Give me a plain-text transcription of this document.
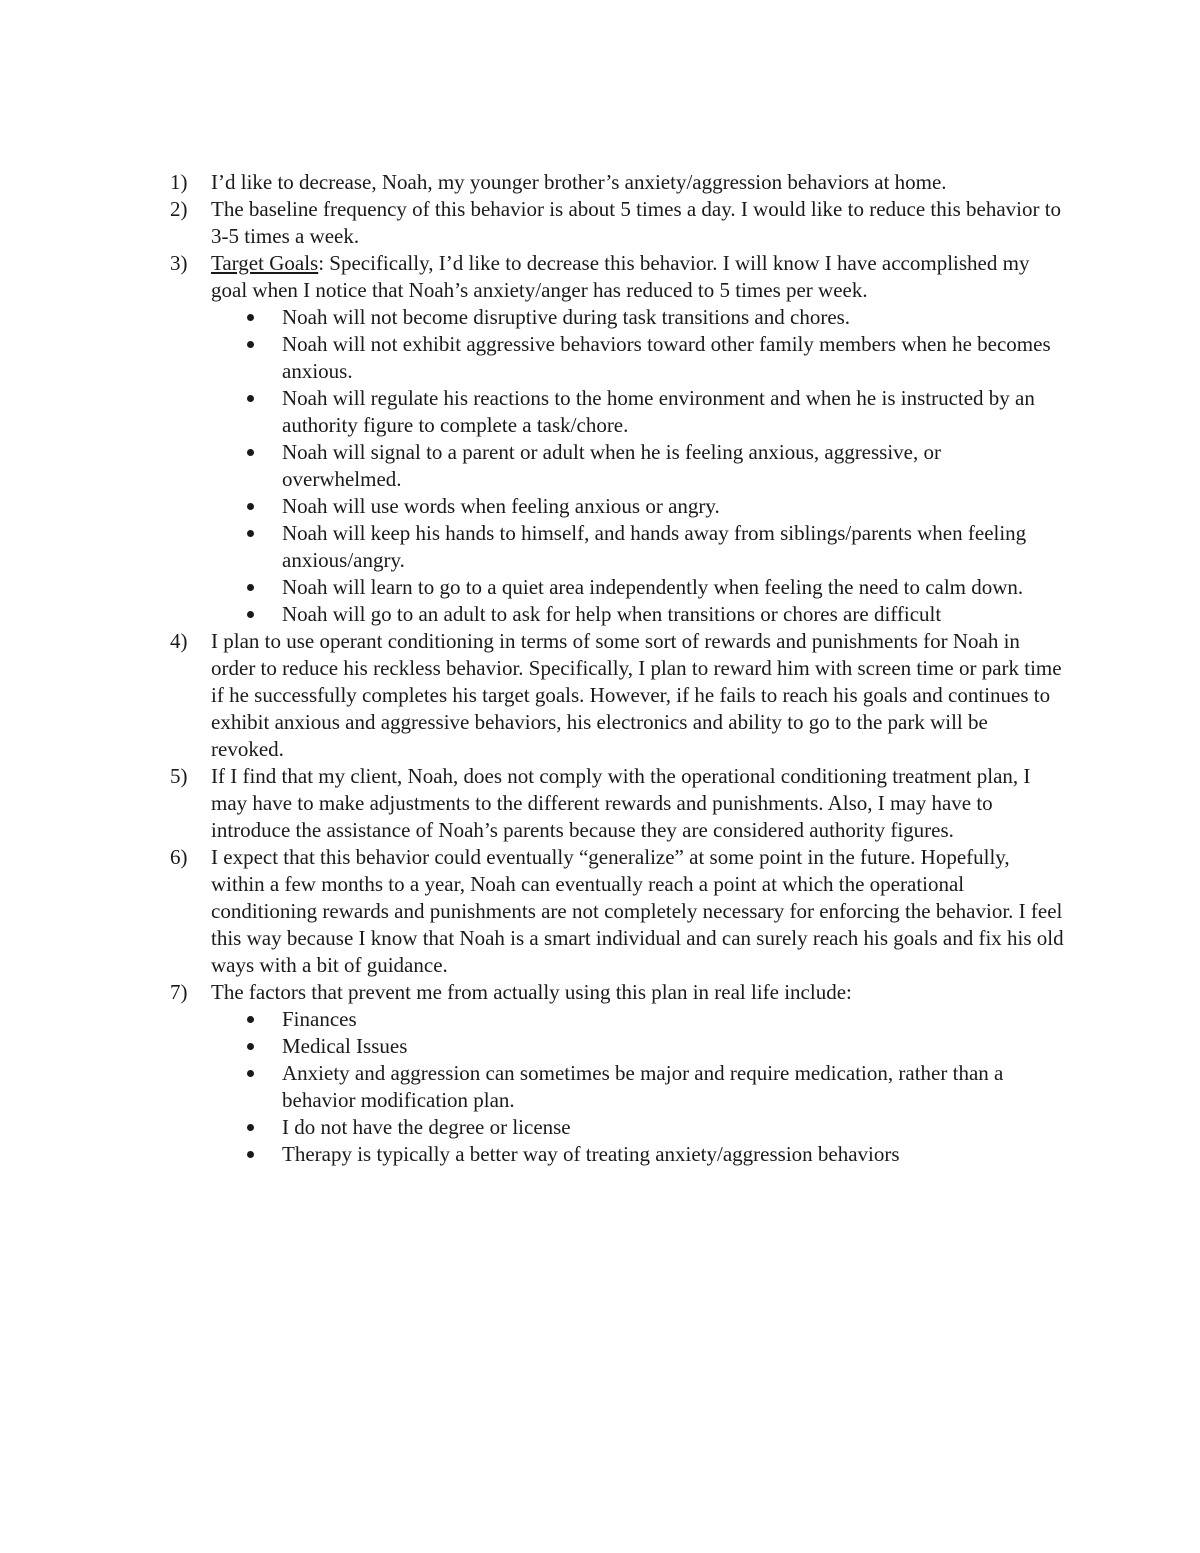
1)	I’d like to decrease, Noah, my younger brother’s anxiety/aggression behaviors at home.
2)	The baseline frequency of this behavior is about 5 times a day. I would like to reduce this behavior to 3-5 times a week.
3)	Target Goals: Specifically, I’d like to decrease this behavior. I will know I have accomplished my goal when I notice that Noah’s anxiety/anger has reduced to 5 times per week.
Noah will not become disruptive during task transitions and chores.
Noah will not exhibit aggressive behaviors toward other family members when he becomes anxious.
Noah will regulate his reactions to the home environment and when he is instructed by an authority figure to complete a task/chore.
Noah will signal to a parent or adult when he is feeling anxious, aggressive, or overwhelmed.
Noah will use words when feeling anxious or angry.
Noah will keep his hands to himself, and hands away from siblings/parents when feeling anxious/angry.
Noah will learn to go to a quiet area independently when feeling the need to calm down.
Noah will go to an adult to ask for help when transitions or chores are difficult
4)	I plan to use operant conditioning in terms of some sort of rewards and punishments for Noah in order to reduce his reckless behavior. Specifically, I plan to reward him with screen time or park time if he successfully completes his target goals. However, if he fails to reach his goals and continues to exhibit anxious and aggressive behaviors, his electronics and ability to go to the park will be revoked.
5)	If I find that my client, Noah, does not comply with the operational conditioning treatment plan, I may have to make adjustments to the different rewards and punishments. Also, I may have to introduce the assistance of Noah’s parents because they are considered authority figures.
6)	I expect that this behavior could eventually “generalize” at some point in the future. Hopefully, within a few months to a year, Noah can eventually reach a point at which the operational conditioning rewards and punishments are not completely necessary for enforcing the behavior. I feel this way because I know that Noah is a smart individual and can surely reach his goals and fix his old ways with a bit of guidance.
7)	The factors that prevent me from actually using this plan in real life include:
Finances
Medical Issues
Anxiety and aggression can sometimes be major and require medication, rather than a behavior modification plan.
I do not have the degree or license
Therapy is typically a better way of treating anxiety/aggression behaviors
